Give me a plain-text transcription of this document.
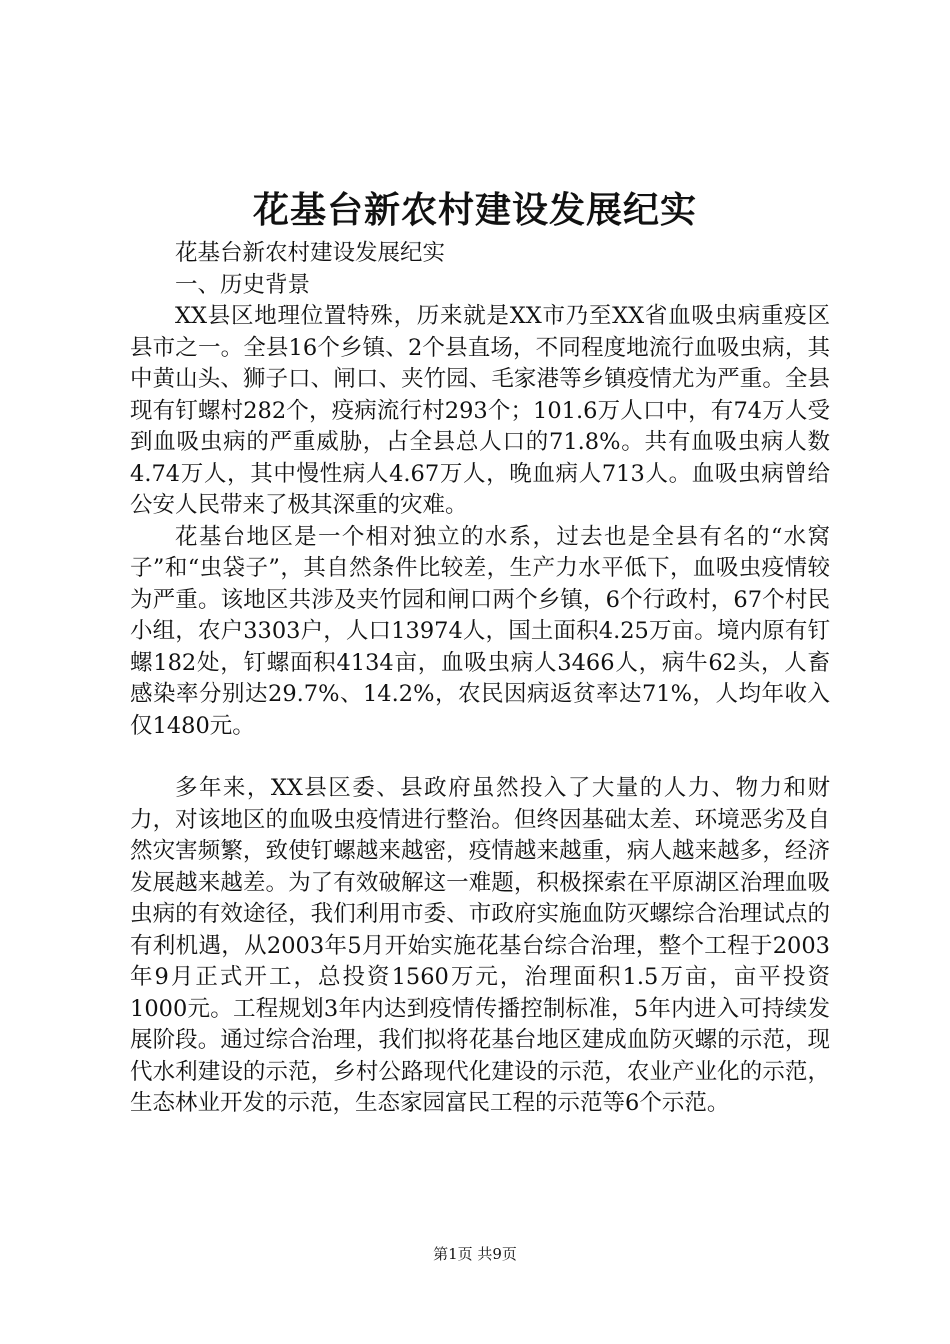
花基台新农村建设发展纪实

花基台新农村建设发展纪实

一、历史背景

XX县区地理位置特殊，历来就是XX市乃至XX省血吸虫病重疫区县市之一。全县16个乡镇、2个县直场，不同程度地流行血吸虫病，其中黄山头、狮子口、闸口、夹竹园、毛家港等乡镇疫情尤为严重。全县现有钉螺村282个，疫病流行村293个；101.6万人口中，有74万人受到血吸虫病的严重威胁，占全县总人口的71.8%。共有血吸虫病人数4.74万人，其中慢性病人4.67万人，晚血病人713人。血吸虫病曾给公安人民带来了极其深重的灾难。

花基台地区是一个相对独立的水系，过去也是全县有名的“水窝子”和“虫袋子”，其自然条件比较差，生产力水平低下，血吸虫疫情较为严重。该地区共涉及夹竹园和闸口两个乡镇，6个行政村，67个村民小组，农户3303户，人口13974人，国土面积4.25万亩。境内原有钉螺182处，钉螺面积4134亩，血吸虫病人3466人，病牛62头，人畜感染率分别达29.7%、14.2%，农民因病返贫率达71%，人均年收入仅1480元。

多年来，XX县区委、县政府虽然投入了大量的人力、物力和财力，对该地区的血吸虫疫情进行整治。但终因基础太差、环境恶劣及自然灾害频繁，致使钉螺越来越密，疫情越来越重，病人越来越多，经济发展越来越差。为了有效破解这一难题，积极探索在平原湖区治理血吸虫病的有效途径，我们利用市委、市政府实施血防灭螺综合治理试点的有利机遇，从2003年5月开始实施花基台综合治理，整个工程于2003年9月正式开工，总投资1560万元，治理面积1.5万亩，亩平投资1000元。工程规划3年内达到疫情传播控制标准，5年内进入可持续发展阶段。通过综合治理，我们拟将花基台地区建成血防灭螺的示范，现代水利建设的示范，乡村公路现代化建设的示范，农业产业化的示范，生态林业开发的示范，生态家园富民工程的示范等6个示范。

第1页 共9页
